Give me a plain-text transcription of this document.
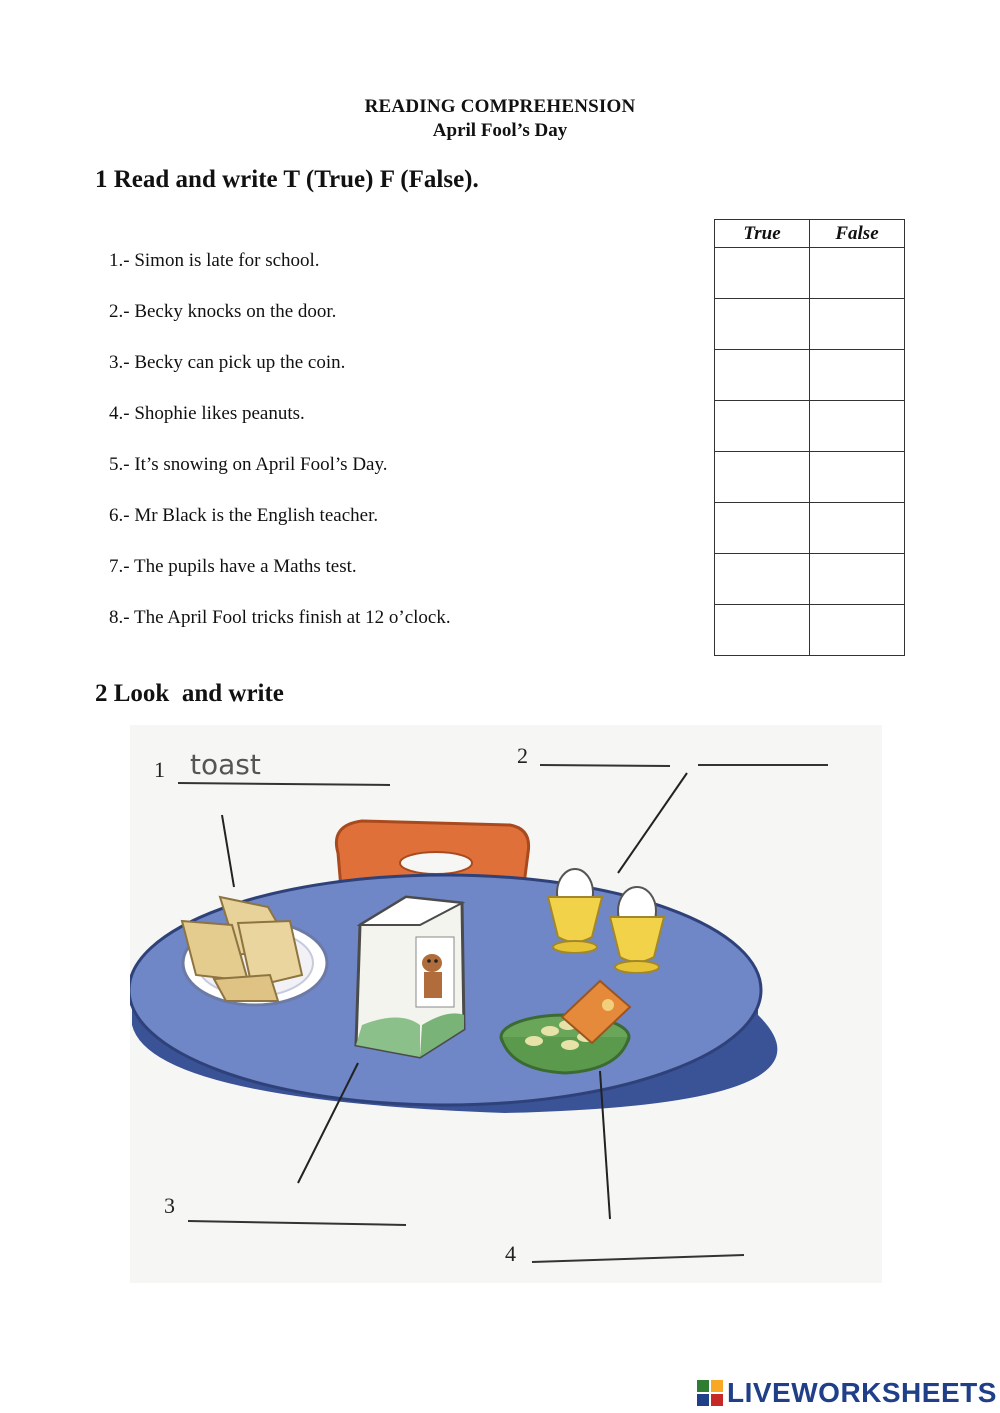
READING COMPREHENSION
April Fool’s Day
1 Read and write T (True) F (False).
1.- Simon is late for school.
2.- Becky knocks on the door.
3.- Becky can pick up the coin.
4.- Shophie likes peanuts.
5.- It’s snowing on April Fool’s Day.
6.- Mr Black is the English teacher.
7.- The pupils have a Maths test.
8.- The April Fool tricks finish at 12 o’clock.
True	False

2 Look  and write
1
2
3
4
toast
LIVEWORKSHEETS
